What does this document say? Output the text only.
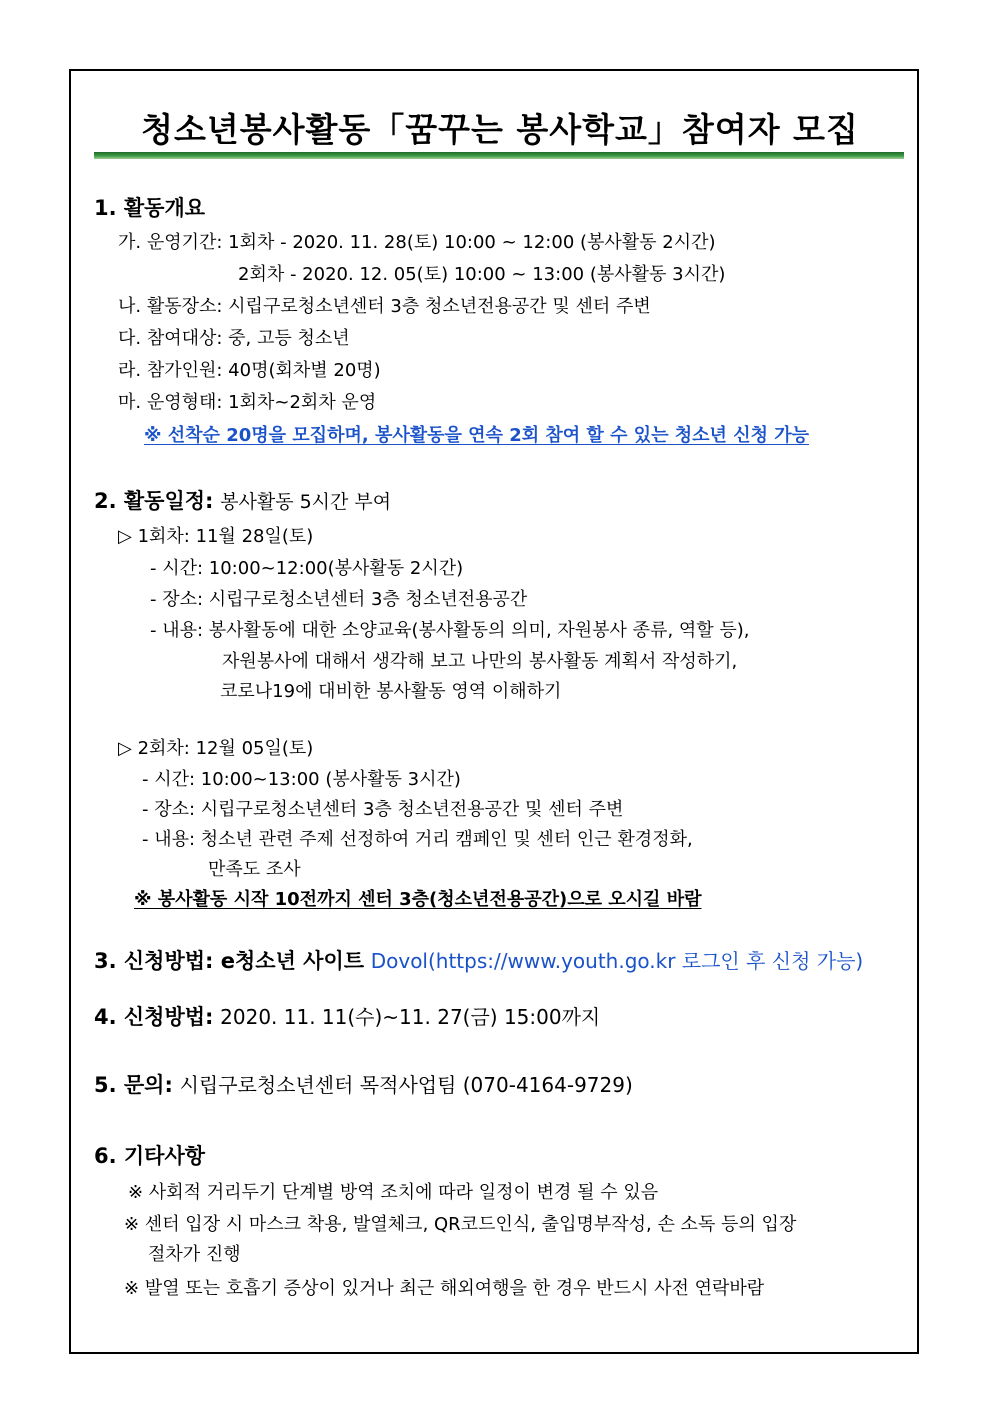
청소년봉사활동「꿈꾸는 봉사학교」참여자 모집
1. 활동개요
가. 운영기간: 1회차 - 2020. 11. 28(토) 10:00 ~ 12:00 (봉사활동 2시간)
2회차 - 2020. 12. 05(토) 10:00 ~ 13:00 (봉사활동 3시간)
나. 활동장소: 시립구로청소년센터 3층 청소년전용공간 및 센터 주변
다. 참여대상: 중, 고등 청소년
라. 참가인원: 40명(회차별 20명)
마. 운영형태: 1회차~2회차 운영
※ 선착순 20명을 모집하며, 봉사활동을 연속 2회 참여 할 수 있는 청소년 신청 가능
2. 활동일정: 봉사활동 5시간 부여
▷ 1회차: 11월 28일(토)
- 시간: 10:00~12:00(봉사활동 2시간)
- 장소: 시립구로청소년센터 3층 청소년전용공간
- 내용: 봉사활동에 대한 소양교육(봉사활동의 의미, 자원봉사 종류, 역할 등),
자원봉사에 대해서 생각해 보고 나만의 봉사활동 계획서 작성하기,
코로나19에 대비한 봉사활동 영역 이해하기
▷ 2회차: 12월 05일(토)
- 시간: 10:00~13:00 (봉사활동 3시간)
- 장소: 시립구로청소년센터 3층 청소년전용공간 및 센터 주변
- 내용: 청소년 관련 주제 선정하여 거리 캠페인 및 센터 인근 환경정화,
만족도 조사
※ 봉사활동 시작 10전까지 센터 3층(청소년전용공간)으로 오시길 바람
3. 신청방법: e청소년 사이트 Dovol(https://www.youth.go.kr 로그인 후 신청 가능)
4. 신청방법: 2020. 11. 11(수)~11. 27(금) 15:00까지
5. 문의: 시립구로청소년센터 목적사업팀 (070-4164-9729)
6. 기타사항
※ 사회적 거리두기 단계별 방역 조치에 따라 일정이 변경 될 수 있음
※ 센터 입장 시 마스크 착용, 발열체크, QR코드인식, 출입명부작성, 손 소독 등의 입장
절차가 진행
※ 발열 또는 호흡기 증상이 있거나 최근 해외여행을 한 경우 반드시 사전 연락바람
